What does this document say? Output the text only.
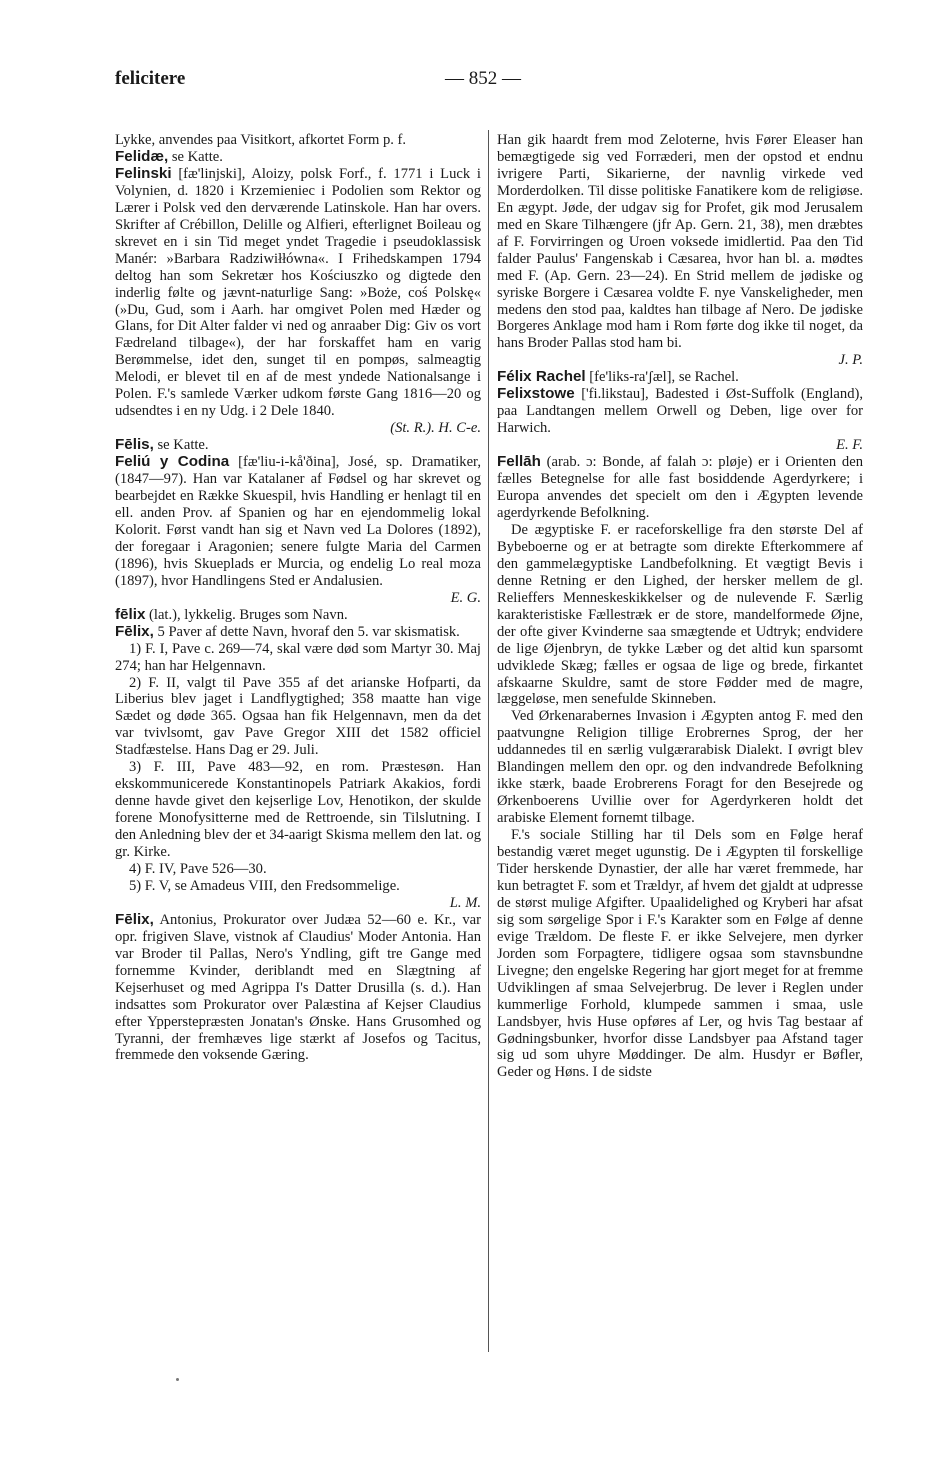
felicitere	— 852 —

Lykke, anvendes paa Visitkort, afkortet Form p. f.

Felidæ, se Katte.

Felinski [fæ'linjski], Aloizy, polsk Forf., f. 1771 i Luck i Volynien, d. 1820 i Krzemieniec i Podolien som Rektor og Lærer i Polsk ved den derværende Latinskole. Han har overs. Skrifter af Crébillon, Delille og Alfieri, efterlignet Boileau og skrevet en i sin Tid meget yndet Tragedie i pseudoklassisk Manér: »Barbara Radziwiłłówna«. I Frihedskampen 1794 deltog han som Sekretær hos Kościuszko og digtede den inderlig følte og jævnt-naturlige Sang: »Boże, coś Polskę« (»Du, Gud, som i Aarh. har omgivet Polen med Hæder og Glans, for Dit Alter falder vi ned og anraaber Dig: Giv os vort Fædreland tilbage«), der har forskaffet ham en varig Berømmelse, idet den, sunget til en pompøs, salmeagtig Melodi, er blevet til en af de mest yndede Nationalsange i Polen. F.'s samlede Værker udkom første Gang 1816—20 og udsendtes i en ny Udg. i 2 Dele 1840.

(St. R.). H. C-e.

Fēlis, se Katte.

Feliú y Codina [fæ'liu-i-kå'ðina], José, sp. Dramatiker, (1847—97). Han var Katalaner af Fødsel og har skrevet og bearbejdet en Række Skuespil, hvis Handling er henlagt til en ell. anden Prov. af Spanien og har en ejendommelig lokal Kolorit. Først vandt han sig et Navn ved La Dolores (1892), der foregaar i Aragonien; senere fulgte Maria del Carmen (1896), hvis Skueplads er Murcia, og endelig Lo real moza (1897), hvor Handlingens Sted er Andalusien.

E. G.

fēlix (lat.), lykkelig. Bruges som Navn.

Fēlix, 5 Paver af dette Navn, hvoraf den 5. var skismatisk.

1) F. I, Pave c. 269—74, skal være død som Martyr 30. Maj 274; han har Helgennavn.

2) F. II, valgt til Pave 355 af det arianske Hofparti, da Liberius blev jaget i Landflygtighed; 358 maatte han vige Sædet og døde 365. Ogsaa han fik Helgennavn, men da det var tvivlsomt, gav Pave Gregor XIII det 1582 officiel Stadfæstelse. Hans Dag er 29. Juli.

3) F. III, Pave 483—92, en rom. Præstesøn. Han ekskommunicerede Konstantinopels Patriark Akakios, fordi denne havde givet den kejserlige Lov, Henotikon, der skulde forene Monofysitterne med de Rettroende, sin Tilslutning. I den Anledning blev der et 34-aarigt Skisma mellem den lat. og gr. Kirke.

4) F. IV, Pave 526—30.

5) F. V, se Amadeus VIII, den Fredsommelige.

L. M.

Fēlix, Antonius, Prokurator over Judæa 52—60 e. Kr., var opr. frigiven Slave, vistnok af Claudius' Moder Antonia. Han var Broder til Pallas, Nero's Yndling, gift tre Gange med fornemme Kvinder, deriblandt med en Slægtning af Kejserhuset og med Agrippa I's Datter Drusilla (s. d.). Han indsattes som Prokurator over Palæstina af Kejser Claudius efter Ypperstepræsten Jonatan's Ønske. Hans Grusomhed og Tyranni, der fremhæves lige stærkt af Josefos og Tacitus, fremmede den voksende Gæring.

Han gik haardt frem mod Zeloterne, hvis Fører Eleaser han bemægtigede sig ved Forræderi, men der opstod et endnu ivrigere Parti, Sikarierne, der navnlig virkede ved Morderdolken. Til disse politiske Fanatikere kom de religiøse. En ægypt. Jøde, der udgav sig for Profet, gik mod Jerusalem med en Skare Tilhængere (jfr Ap. Gern. 21, 38), men dræbtes af F. Forvirringen og Uroen voksede imidlertid. Paa den Tid falder Paulus' Fangenskab i Cæsarea, hvor han bl. a. mødtes med F. (Ap. Gern. 23—24). En Strid mellem de jødiske og syriske Borgere i Cæsarea voldte F. nye Vanskeligheder, men medens den stod paa, kaldtes han tilbage af Nero. De jødiske Borgeres Anklage mod ham i Rom førte dog ikke til noget, da hans Broder Pallas stod ham bi.

J. P.

Félix Rachel [fe'liks-ra'ʃæl], se Rachel.

Felixstowe ['fi.likstau], Badested i Øst-Suffolk (England), paa Landtangen mellem Orwell og Deben, lige over for Harwich.

E. F.

Fellāh (arab. ɔ: Bonde, af falah ɔ: pløje) er i Orienten den fælles Betegnelse for alle fast bosiddende Agerdyrkere; i Europa anvendes det specielt om den i Ægypten levende agerdyrkende Befolkning.

De ægyptiske F. er raceforskellige fra den største Del af Bybeboerne og er at betragte som direkte Efterkommere af den gammelægyptiske Landbefolkning. Et vægtigt Bevis i denne Retning er den Lighed, der hersker mellem de gl. Relieffers Menneskeskikkelser og de nulevende F. Særlig karakteristiske Fællestræk er de store, mandelformede Øjne, der ofte giver Kvinderne saa smægtende et Udtryk; endvidere de lige Øjenbryn, de tykke Læber og det altid kun sparsomt udviklede Skæg; fælles er ogsaa de lige og brede, firkantet afskaarne Skuldre, samt de store Fødder med de magre, læggeløse, men senefulde Skinneben.

Ved Ørkenarabernes Invasion i Ægypten antog F. med den paatvungne Religion tillige Erobrernes Sprog, der her uddannedes til en særlig vulgærarabisk Dialekt. I øvrigt blev Blandingen mellem den opr. og den indvandrede Befolkning ikke stærk, baade Erobrerens Foragt for den Besejrede og Ørkenboerens Uvillie over for Agerdyrkeren holdt det arabiske Element fornemt tilbage.

F.'s sociale Stilling har til Dels som en Følge heraf bestandig været meget ugunstig. De i Ægypten til forskellige Tider herskende Dynastier, der alle har været fremmede, har kun betragtet F. som et Trældyr, af hvem det gjaldt at udpresse de størst mulige Afgifter. Upaalidelighed og Kryberi har afsat sig som sørgelige Spor i F.'s Karakter som en Følge af denne evige Trældom. De fleste F. er ikke Selvejere, men dyrker Jorden som Forpagtere, tidligere ogsaa som stavnsbundne Livegne; den engelske Regering har gjort meget for at fremme Udviklingen af smaa Selvejerbrug. De lever i Reglen under kummerlige Forhold, klumpede sammen i smaa, usle Landsbyer, hvis Huse opføres af Ler, og hvis Tag bestaar af Gødningsbunker, hvorfor disse Landsbyer paa Afstand tager sig ud som uhyre Møddinger. De alm. Husdyr er Bøfler, Geder og Høns. I de sidste
